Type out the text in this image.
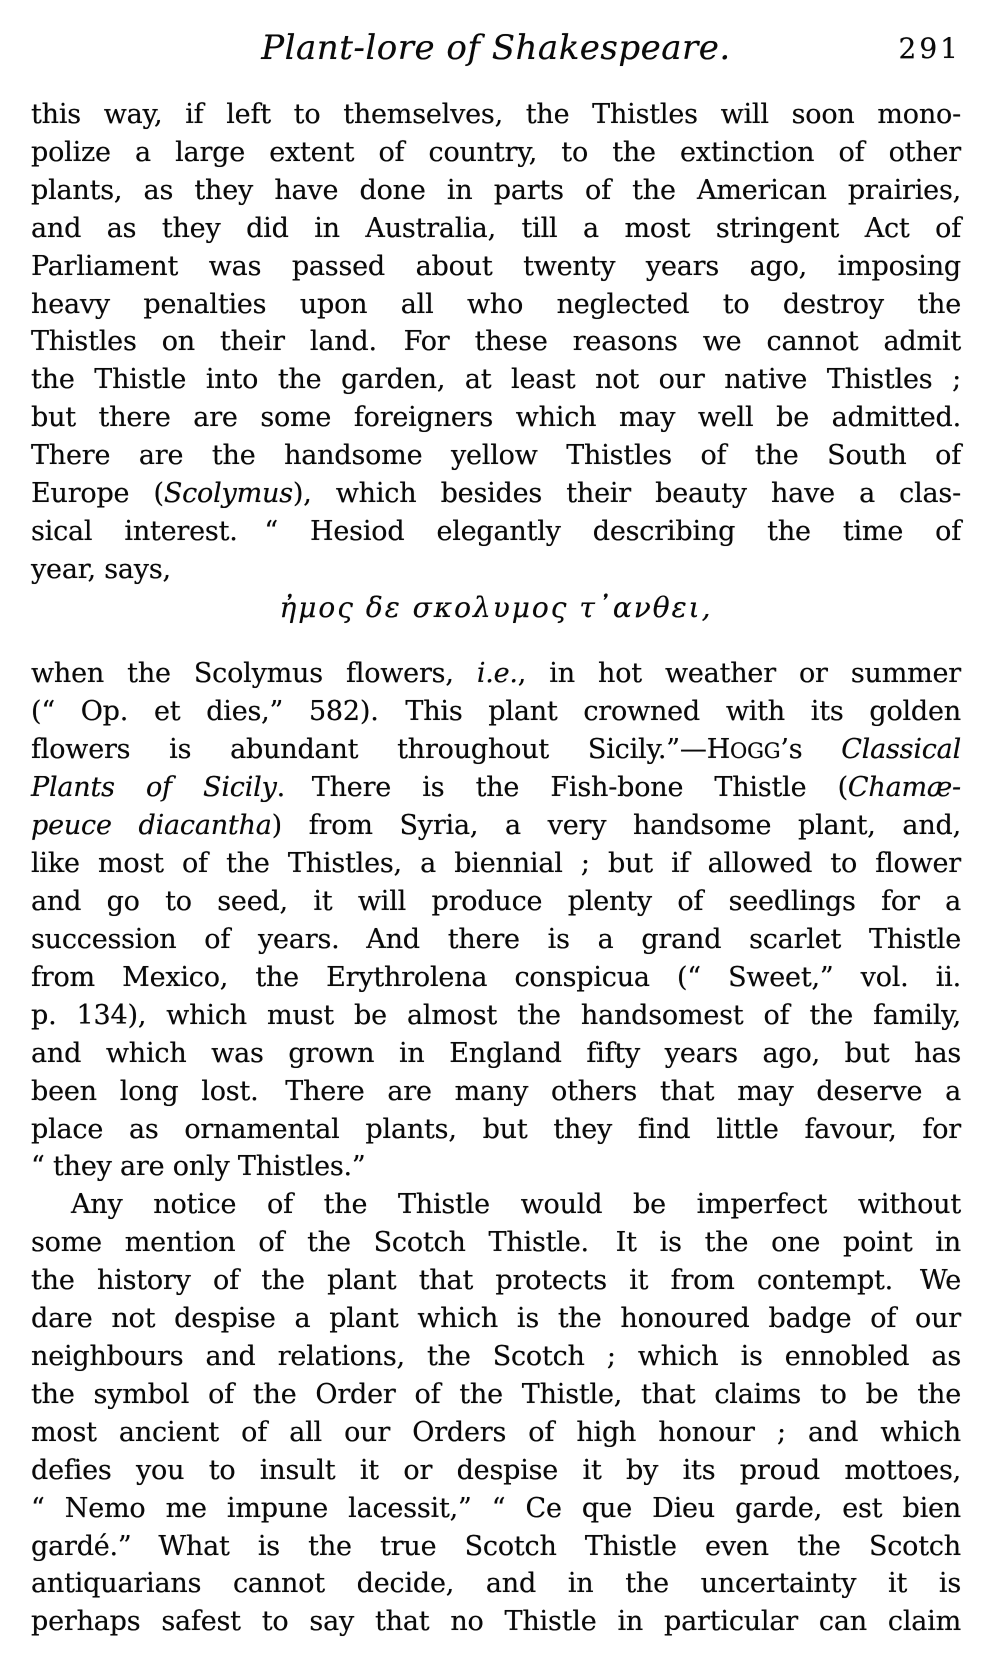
Plant-lore of Shakespeare.	291
this way, if left to themselves, the Thistles will soon mono-
polize a large extent of country, to the extinction of other
plants, as they have done in parts of the American prairies,
and as they did in Australia, till a most stringent Act of
Parliament was passed about twenty years ago, imposing
heavy penalties upon all who neglected to destroy the
Thistles on their land. For these reasons we cannot admit
the Thistle into the garden, at least not our native Thistles ;
but there are some foreigners which may well be admitted.
There are the handsome yellow Thistles of the South of
Europe (Scolymus), which besides their beauty have a clas-
sical interest. “ Hesiod elegantly describing the time of
year, says,
ἠμος δε σκολυμος τ᾽ανθει,
when the Scolymus flowers, i.e., in hot weather or summer
(“ Op. et dies,” 582). This plant crowned with its golden
flowers is abundant throughout Sicily.”—HOGG’s Classical
Plants of Sicily. There is the Fish-bone Thistle (Chamæ-
peuce diacantha) from Syria, a very handsome plant, and,
like most of the Thistles, a biennial ; but if allowed to flower
and go to seed, it will produce plenty of seedlings for a
succession of years. And there is a grand scarlet Thistle
from Mexico, the Erythrolena conspicua (“ Sweet,” vol. ii.
p. 134), which must be almost the handsomest of the family,
and which was grown in England fifty years ago, but has
been long lost. There are many others that may deserve a
place as ornamental plants, but they find little favour, for
“ they are only Thistles.”
Any notice of the Thistle would be imperfect without
some mention of the Scotch Thistle. It is the one point in
the history of the plant that protects it from contempt. We
dare not despise a plant which is the honoured badge of our
neighbours and relations, the Scotch ; which is ennobled as
the symbol of the Order of the Thistle, that claims to be the
most ancient of all our Orders of high honour ; and which
defies you to insult it or despise it by its proud mottoes,
“ Nemo me impune lacessit,” “ Ce que Dieu garde, est bien
gardé.” What is the true Scotch Thistle even the Scotch
antiquarians cannot decide, and in the uncertainty it is
perhaps safest to say that no Thistle in particular can claim
